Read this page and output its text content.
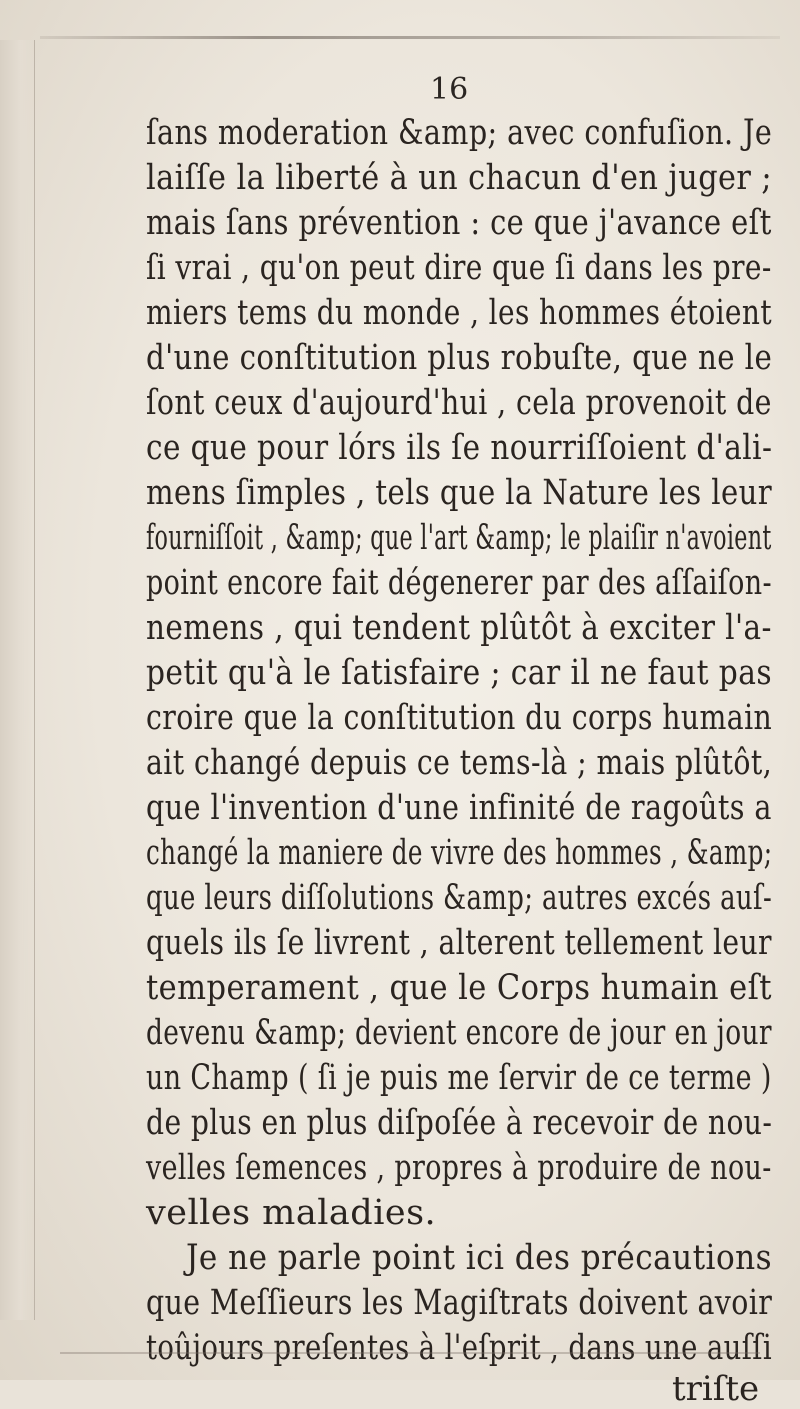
16
ſans moderation &amp; avec confuſion. Je
laiſſe la liberté à un chacun d'en juger ;
mais ſans prévention : ce que j'avance eſt
ſi vrai , qu'on peut dire que ſi dans les pre-
miers tems du monde , les hommes étoient
d'une conſtitution plus robuſte, que ne le
ſont ceux d'aujourd'hui , cela provenoit de
ce que pour lórs ils ſe nourriſſoient d'ali-
mens ſimples , tels que la Nature les leur
fourniſſoit , &amp; que l'art &amp; le plaiſir n'avoient
point encore fait dégenerer par des aſſaiſon-
nemens , qui tendent plûtôt à exciter l'a-
petit qu'à le ſatisfaire ; car il ne faut pas
croire que la conſtitution du corps humain
ait changé depuis ce tems-là ; mais plûtôt,
que l'invention d'une infinité de ragoûts a
changé la maniere de vivre des hommes , &amp;
que leurs diſſolutions &amp; autres excés auſ-
quels ils ſe livrent , alterent tellement leur
temperament , que le Corps humain eſt
devenu &amp; devient encore de jour en jour
un Champ ( ſi je puis me ſervir de ce terme )
de plus en plus diſpoſée à recevoir de nou-
velles ſemences , propres à produire de nou-
velles maladies.
Je ne parle point ici des précautions
que Meſſieurs les Magiſtrats doivent avoir
toûjours preſentes à l'eſprit , dans une auſſi
triſte
